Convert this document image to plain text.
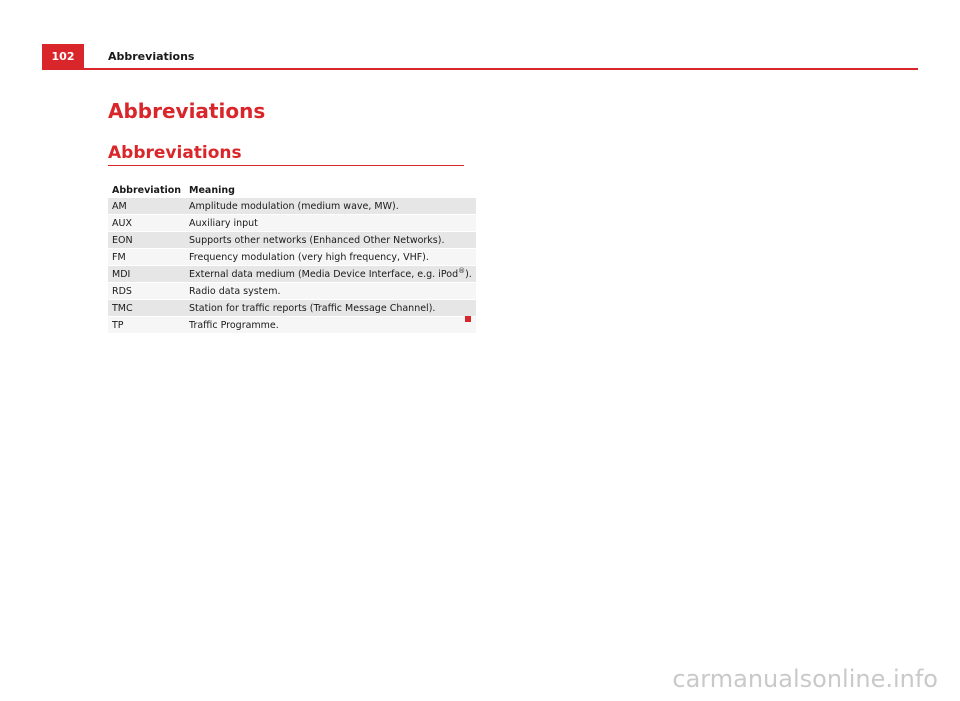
102	Abbreviations
Abbreviations
Abbreviations
Abbreviation	Meaning
AM	Amplitude modulation (medium wave, MW).
AUX	Auxiliary input
EON	Supports other networks (Enhanced Other Networks).
FM	Frequency modulation (very high frequency, VHF).
MDI	External data medium (Media Device Interface, e.g. iPod®).
RDS	Radio data system.
TMC	Station for traffic reports (Traffic Message Channel).
TP	Traffic Programme.
carmanualsonline.info
